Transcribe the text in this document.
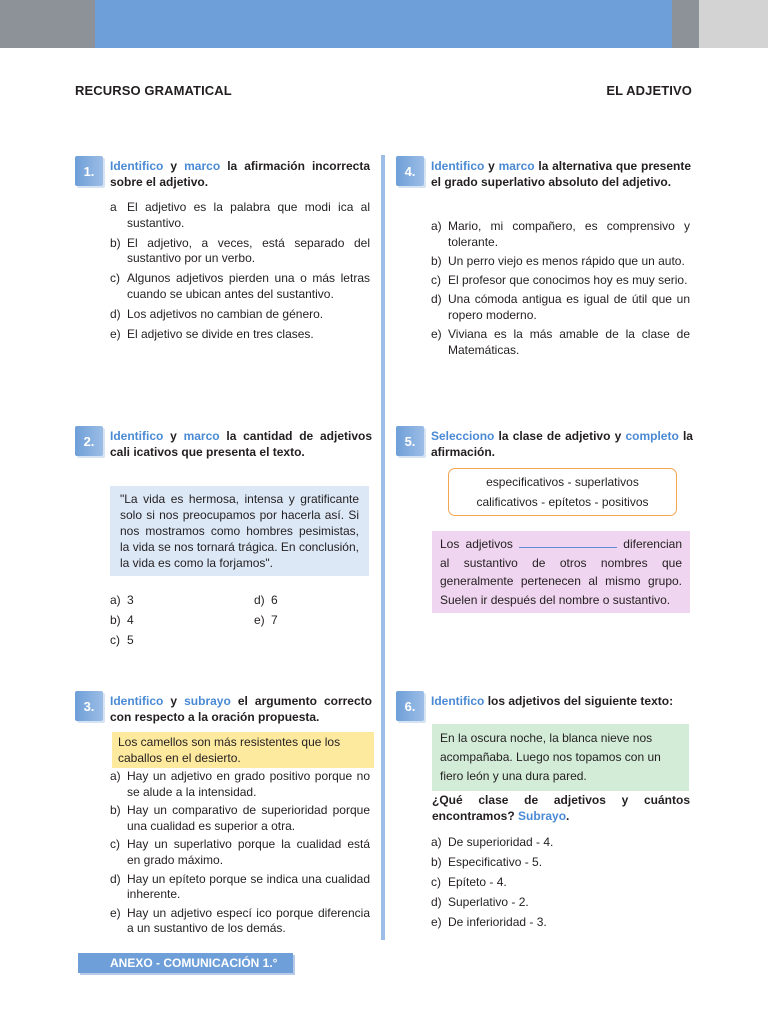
RECURSO GRAMATICAL	EL ADJETIVO
1.	Identifico y marco la afirmación incorrecta sobre el adjetivo.
a El adjetivo es la palabra que modi ica al sustantivo.
b) El adjetivo, a veces, está separado del sustantivo por un verbo.
c) Algunos adjetivos pierden una o más letras cuando se ubican antes del sustantivo.
d) Los adjetivos no cambian de género.
e) El adjetivo se divide en tres clases.
2.	Identifico y marco la cantidad de adjetivos cali icativos que presenta el texto.
"La vida es hermosa, intensa y gratificante solo si nos preocupamos por hacerla así. Si nos mostramos como hombres pesimistas, la vida se nos tornará trágica. En conclusión, la vida es como la forjamos".
a) 3
b) 4
c) 5
d) 6
e) 7
3.	Identifico y subrayo el argumento correcto con respecto a la oración propuesta.
Los camellos son más resistentes que los caballos en el desierto.
a) Hay un adjetivo en grado positivo porque no se alude a la intensidad.
b) Hay un comparativo de superioridad porque una cualidad es superior a otra.
c) Hay un superlativo porque la cualidad está en grado máximo.
d) Hay un epíteto porque se indica una cualidad inherente.
e) Hay un adjetivo especí ico porque diferencia a un sustantivo de los demás.
4.	Identifico y marco la alternativa que presente el grado superlativo absoluto del adjetivo.
a) Mario, mi compañero, es comprensivo y tolerante.
b) Un perro viejo es menos rápido que un auto.
c) El profesor que conocimos hoy es muy serio.
d) Una cómoda antigua es igual de útil que un ropero moderno.
e) Viviana es la más amable de la clase de Matemáticas.
5.	Selecciono la clase de adjetivo y completo la afirmación.
especificativos - superlativos
calificativos - epítetos - positivos
Los adjetivos	diferencian al sustantivo de otros nombres que generalmente pertenecen al mismo grupo. Suelen ir después del nombre o sustantivo.
6.	Identifico los adjetivos del siguiente texto:
En la oscura noche, la blanca nieve nos acompañaba. Luego nos topamos con un fiero león y una dura pared.
¿Qué clase de adjetivos y cuántos encontramos? Subrayo.
a) De superioridad - 4.
b) Especificativo - 5.
c) Epíteto - 4.
d) Superlativo - 2.
e) De inferioridad - 3.
ANEXO - COMUNICACIÓN 1.°
